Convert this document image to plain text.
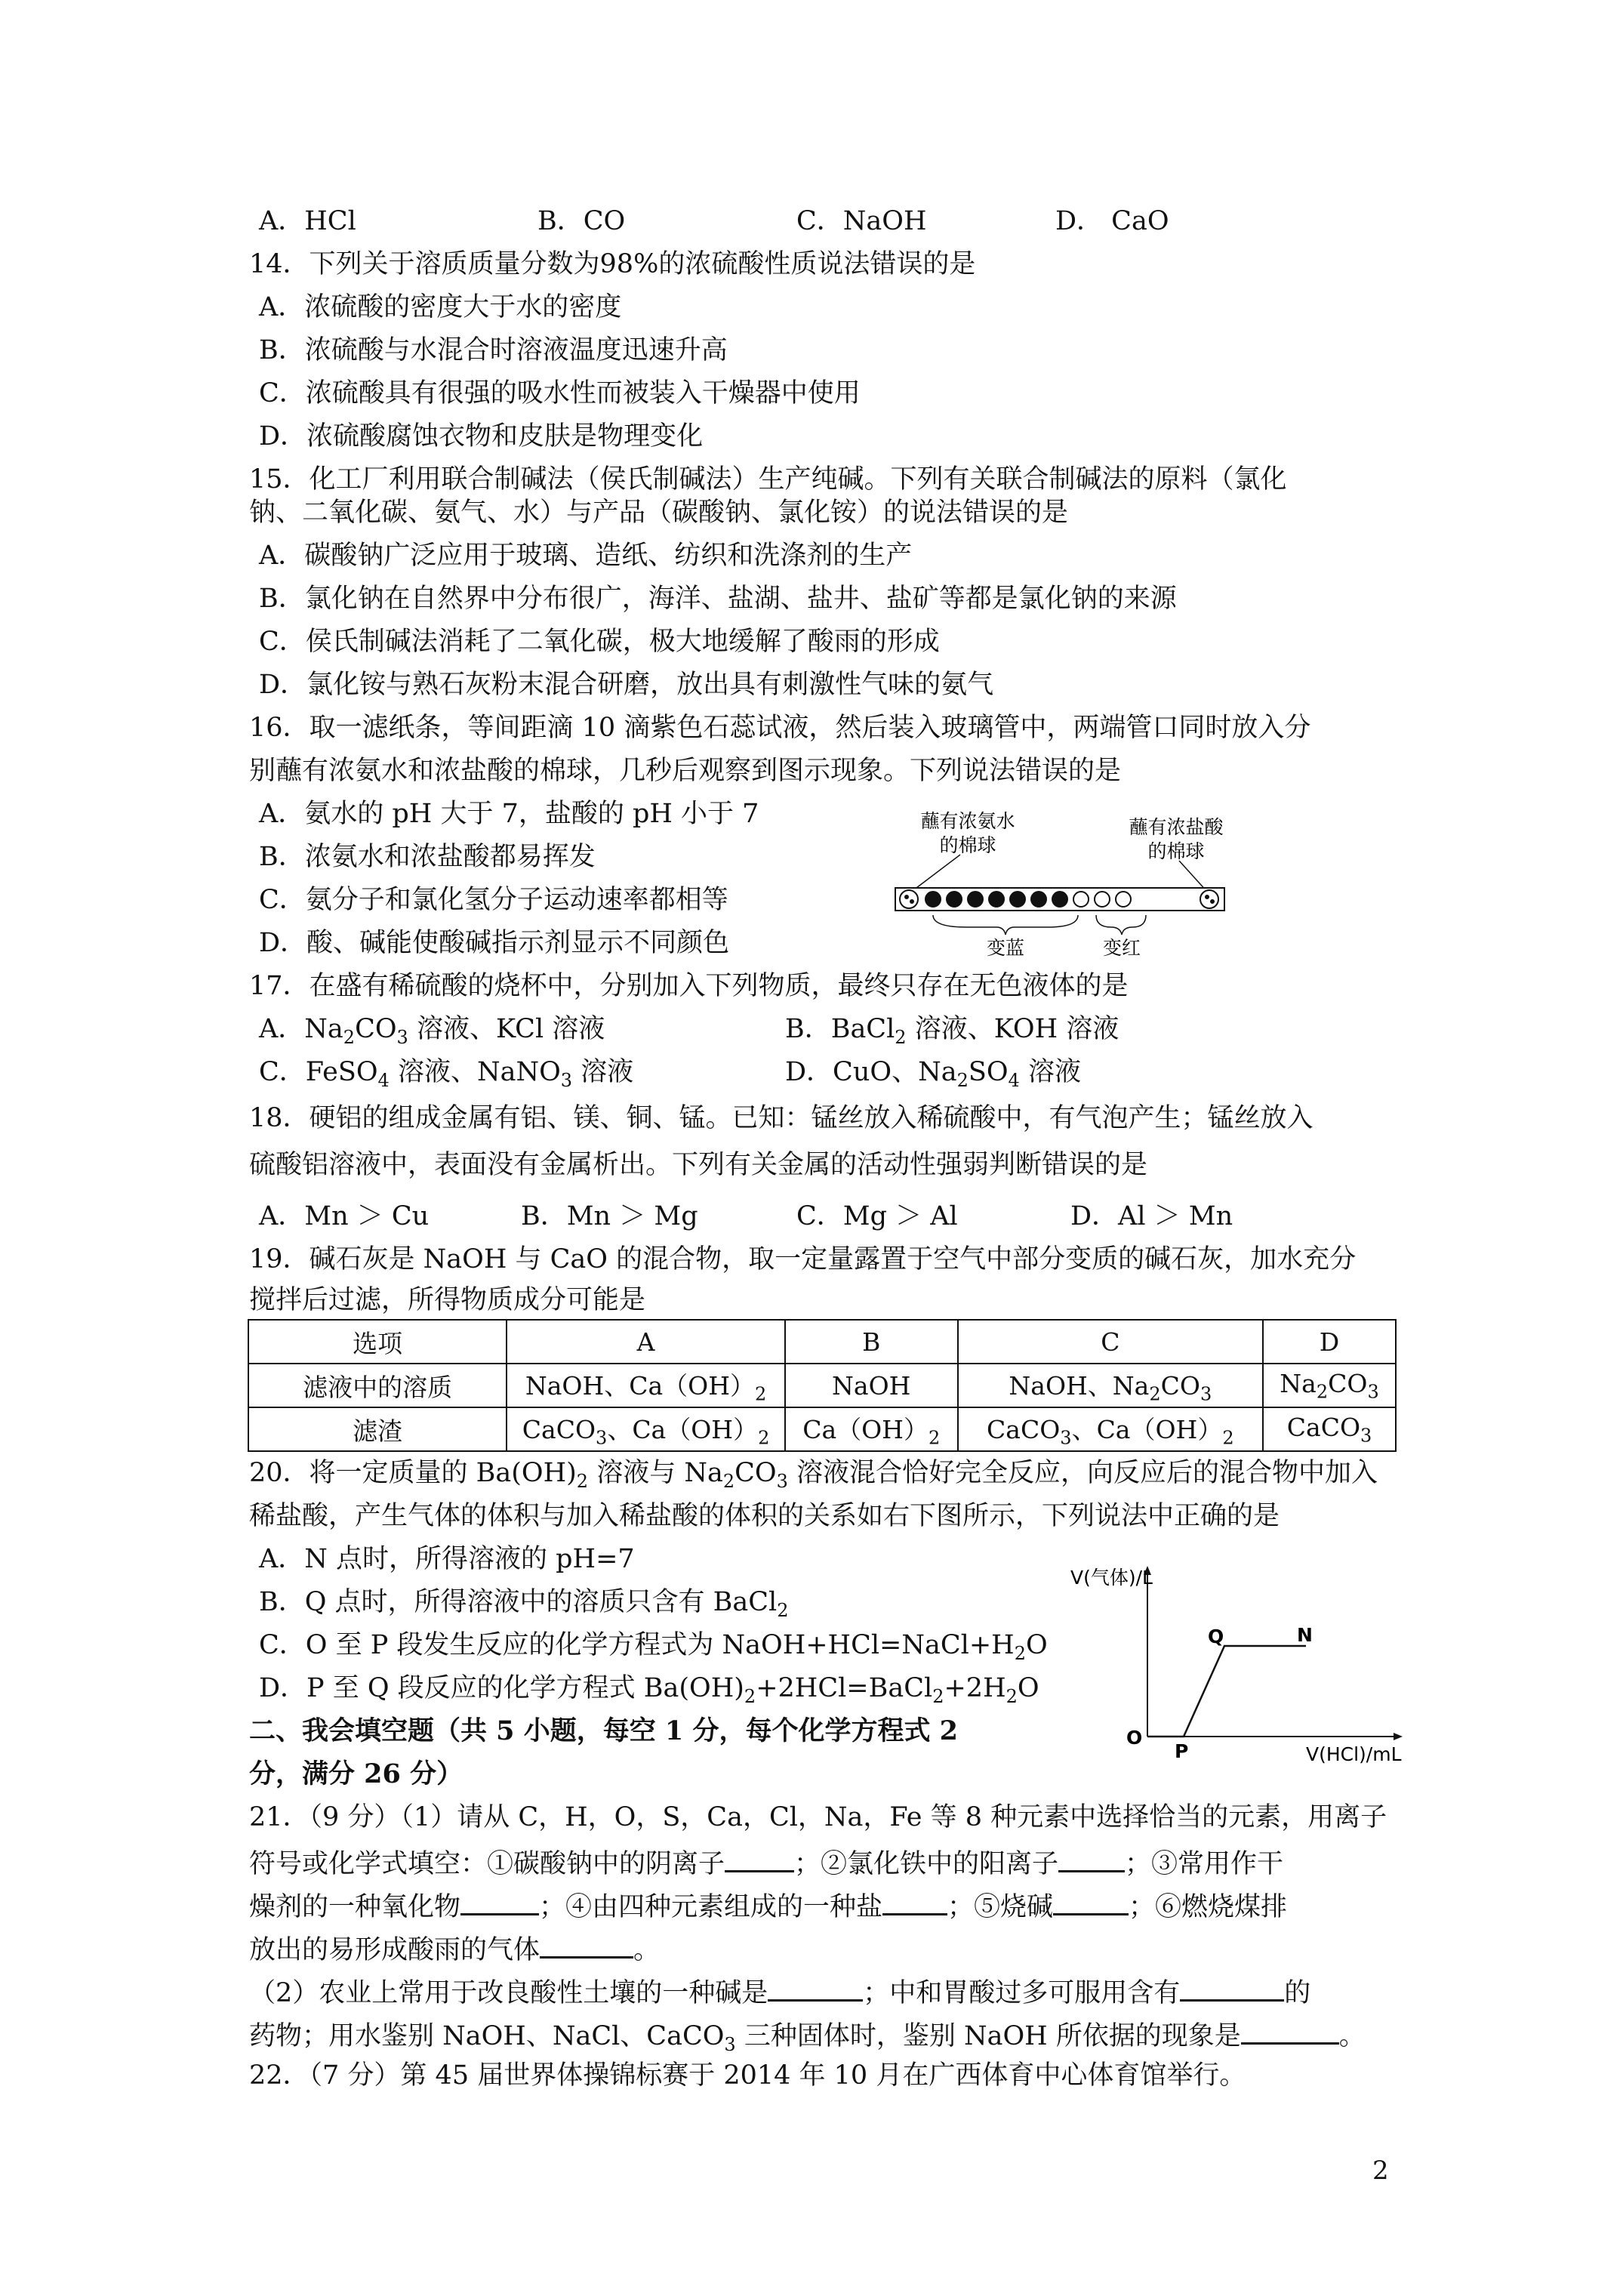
A．HCl	B．CO	C．NaOH	D． CaO
14．下列关于溶质质量分数为98%的浓硫酸性质说法错误的是
A．浓硫酸的密度大于水的密度
B．浓硫酸与水混合时溶液温度迅速升高
C．浓硫酸具有很强的吸水性而被装入干燥器中使用
D．浓硫酸腐蚀衣物和皮肤是物理变化
15．化工厂利用联合制碱法（侯氏制碱法）生产纯碱。下列有关联合制碱法的原料（氯化
钠、二氧化碳、氨气、水）与产品（碳酸钠、氯化铵）的说法错误的是
A．碳酸钠广泛应用于玻璃、造纸、纺织和洗涤剂的生产
B．氯化钠在自然界中分布很广，海洋、盐湖、盐井、盐矿等都是氯化钠的来源
C．侯氏制碱法消耗了二氧化碳，极大地缓解了酸雨的形成
D．氯化铵与熟石灰粉末混合研磨，放出具有刺激性气味的氨气
16．取一滤纸条，等间距滴 10 滴紫色石蕊试液，然后装入玻璃管中，两端管口同时放入分
别蘸有浓氨水和浓盐酸的棉球，几秒后观察到图示现象。下列说法错误的是
A．氨水的 pH 大于 7，盐酸的 pH 小于 7
B．浓氨水和浓盐酸都易挥发
C．氨分子和氯化氢分子运动速率都相等
D．酸、碱能使酸碱指示剂显示不同颜色
蘸有浓氨水
的棉球
蘸有浓盐酸
的棉球
变蓝	变红
17．在盛有稀硫酸的烧杯中，分别加入下列物质，最终只存在无色液体的是
A．$Na_2CO_3$ 溶液、KCl 溶液	B．BaCl$_2$ 溶液、KOH 溶液
C．FeSO$_4$ 溶液、NaNO$_3$ 溶液	D．CuO、$Na_2SO_4$ 溶液
18．硬铝的组成金属有铝、镁、铜、锰。已知：锰丝放入稀硫酸中，有气泡产生；锰丝放入
硫酸铝溶液中，表面没有金属析出。下列有关金属的活动性强弱判断错误的是
A．Mn ＞ Cu	B．Mn ＞ Mg	C．Mg ＞ Al	D．Al ＞ Mn
19．碱石灰是 NaOH 与 CaO 的混合物，取一定量露置于空气中部分变质的碱石灰，加水充分
搅拌后过滤，所得物质成分可能是
选项	A	B	C	D
滤液中的溶质	NaOH、$Ca(OH)_2$	NaOH	NaOH、$Na_2CO_3$	$Na_2CO_3$
滤渣	CaCO$_3$、$Ca(OH)_2$	$Ca(OH)_2$	CaCO$_3$、$Ca(OH)_2$	CaCO$_3$
20．将一定质量的 $Ba(OH)_2$ 溶液与 $Na_2CO_3$ 溶液混合恰好完全反应，向反应后的混合物中加入
稀盐酸，产生气体的体积与加入稀盐酸的体积的关系如右下图所示，下列说法中正确的是
A．N 点时，所得溶液的 pH=7
B．Q 点时，所得溶液中的溶质只含有 BaCl$_2$
C．O 至 P 段发生反应的化学方程式为 $NaOH+HCl=NaCl+H_2O$
D．P 至 Q 段反应的化学方程式 $Ba(OH)_2+2HCl=BaCl_2+2H_2O$
V(气体)/L
V(HCl)/mL
O
P
Q	N
二、我会填空题（共 5 小题，每空 1 分，每个化学方程式 2
分，满分 26 分）
21．（9 分）（1）请从 C，H，O，S，Ca，Cl，Na，Fe 等 8 种元素中选择恰当的元素，用离子
符号或化学式填空：①碳酸钠中的阴离子	；②氯化铁中的阳离子	；③常用作干
燥剂的一种氧化物	；④由四种元素组成的一种盐 ；⑤烧碱	；⑥燃烧煤排
放出的易形成酸雨的气体	。
（2）农业上常用于改良酸性土壤的一种碱是	；中和胃酸过多可服用含有	的
药物；用水鉴别 NaOH、NaCl、CaCO$_3$ 三种固体时，鉴别 NaOH 所依据的现象是	。
22．（7 分）第 45 届世界体操锦标赛于 2014 年 10 月在广西体育中心体育馆举行。
2
